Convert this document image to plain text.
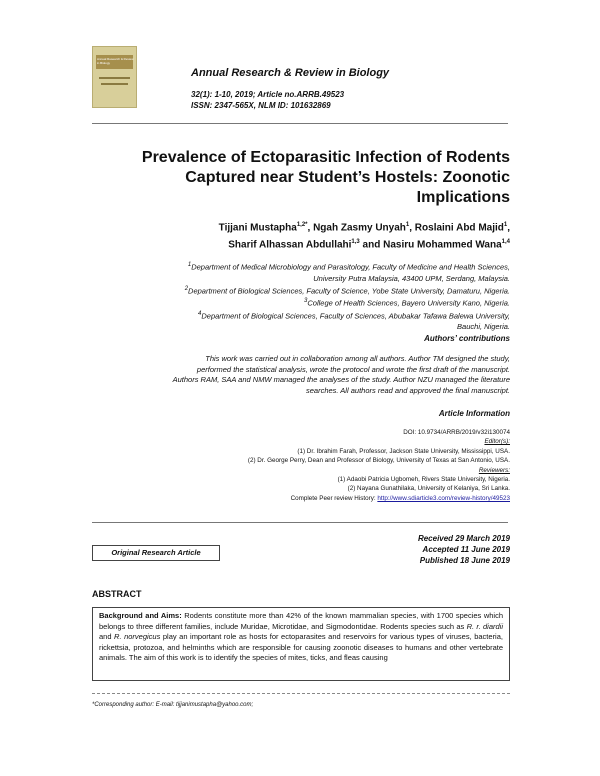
Annual Research & Review in Biology
Annual Research & Review in Biology
32(1): 1-10, 2019; Article no.ARRB.49523
ISSN: 2347-565X, NLM ID: 101632869
Prevalence of Ectoparasitic Infection of Rodents Captured near Student’s Hostels: Zoonotic Implications
Tijjani Mustapha$^{1,2*}$, Ngah Zasmy Unyah$^1$, Roslaini Abd Majid$^1$,
Sharif Alhassan Abdullahi$^{1,3}$ and Nasiru Mohammed Wana$^{1,4}$
$^1$Department of Medical Microbiology and Parasitology, Faculty of Medicine and Health Sciences,
University Putra Malaysia, 43400 UPM, Serdang, Malaysia.
$^2$Department of Biological Sciences, Faculty of Science, Yobe State University, Damaturu, Nigeria.
$^3$College of Health Sciences, Bayero University Kano, Nigeria.
$^4$Department of Biological Sciences, Faculty of Sciences, Abubakar Tafawa Balewa University,
Bauchi, Nigeria.
Authors’ contributions
This work was carried out in collaboration among all authors. Author TM designed the study,
performed the statistical analysis, wrote the protocol and wrote the first draft of the manuscript.
Authors RAM, SAA and NMW managed the analyses of the study. Author NZU managed the literature
searches. All authors read and approved the final manuscript.
Article Information
DOI: 10.9734/ARRB/2019/v32i130074
Editor(s):
(1) Dr. Ibrahim Farah, Professor, Jackson State University, Mississippi, USA.
(2) Dr. George Perry, Dean and Professor of Biology, University of Texas at San Antonio, USA.
Reviewers:
(1) Adaobi Patricia Ugbomeh, Rivers State University, Nigeria.
(2) Nayana Gunathilaka, University of Kelaniya, Sri Lanka.
Complete Peer review History: http://www.sdiarticle3.com/review-history/49523
Received 29 March 2019
Accepted 11 June 2019
Published 18 June 2019
Original Research Article
ABSTRACT
Background and Aims: Rodents constitute more than 42% of the known mammalian species, with 1700 species which belongs to three different families, include Muridae, Microtidae, and Sigmodontidae. Rodents species such as R. r. diardii and R. norvegicus play an important role as hosts for ectoparasites and reservoirs for various types of viruses, bacteria, rickettsia, protozoa, and helminths which are responsible for causing zoonotic diseases to humans and other vertebrate animals. The aim of this work is to identify the species of mites, ticks, and fleas causing
*Corresponding author: E-mail: tijjanimustapha@yahoo.com;
